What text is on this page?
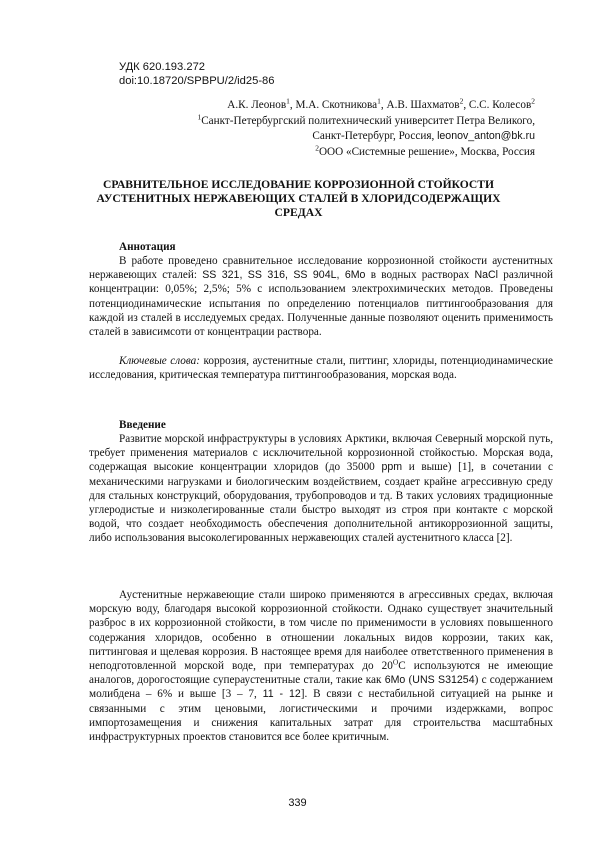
УДК 620.193.272
doi:10.18720/SPBPU/2/id25-86
А.К. Леонов$^1$, М.А. Скотникова$^1$, А.В. Шахматов$^2$, С.С. Колесов$^2$
$^1$Санкт-Петербургский политехнический университет Петра Великого,
Санкт-Петербург, Россия, leonov_anton@bk.ru
$^2$ООО «Системные решение», Москва, Россия
СРАВНИТЕЛЬНОЕ ИССЛЕДОВАНИЕ КОРРОЗИОННОЙ СТОЙКОСТИ
АУСТЕНИТНЫХ НЕРЖАВЕЮЩИХ СТАЛЕЙ В ХЛОРИДСОДЕРЖАЩИХ
СРЕДАХ
Аннотация
В работе проведено сравнительное исследование коррозионной стойкости аустенитных нержавеющих сталей: SS 321, SS 316, SS 904L, 6Mo в водных растворах NaCl различной концентрации: 0,05%; 2,5%; 5% с использованием электрохимических методов. Проведены потенциодинамические испытания по определению потенциалов питтингообразования для каждой из сталей в исследуемых средах. Полученные данные позволяют оценить применимость сталей в зависимсоти от концентрации раствора.
Ключевые слова: коррозия, аустенитные стали, питтинг, хлориды, потенциодинамические исследования, критическая температура питтингообразования, морская вода.
Введение
Развитие морской инфраструктуры в условиях Арктики, включая Северный морской путь, требует применения материалов с исключительной коррозионной стойкостью. Морская вода, содержащая высокие концентрации хлоридов (до 35000 ppm и выше) [1], в сочетании с механическими нагрузками и биологическим воздействием, создает крайне агрессивную среду для стальных конструкций, оборудования, трубопроводов и тд. В таких условиях традиционные углеродистые и низколегированные стали быстро выходят из строя при контакте с морской водой, что создает необходимость обеспечения дополнительной антикоррозионной защиты, либо использования высоколегированных нержавеющих сталей аустенитного класса [2].
Аустенитные нержавеющие стали широко применяются в агрессивных средах, включая морскую воду, благодаря высокой коррозионной стойкости. Однако существует значительный разброс в их коррозионной стойкости, в том числе по применимости в условиях повышенного содержания хлоридов, особенно в отношении локальных видов коррозии, таких как, питтинговая и щелевая коррозия. В настоящее время для наиболее ответственного применения в неподготовленной морской воде, при температурах до $20^OС$ используются не имеющие аналогов, дорогостоящие супераустенитные стали, такие как 6Mo (UNS S31254) с содержанием молибдена – 6% и выше [3 – 7, 11 - 12]. В связи с нестабильной ситуацией на рынке и связанными с этим ценовыми, логистическими и прочими издержками, вопрос импортозамещения и снижения капитальных затрат для строительства масштабных инфраструктурных проектов становится все более критичным.
339
